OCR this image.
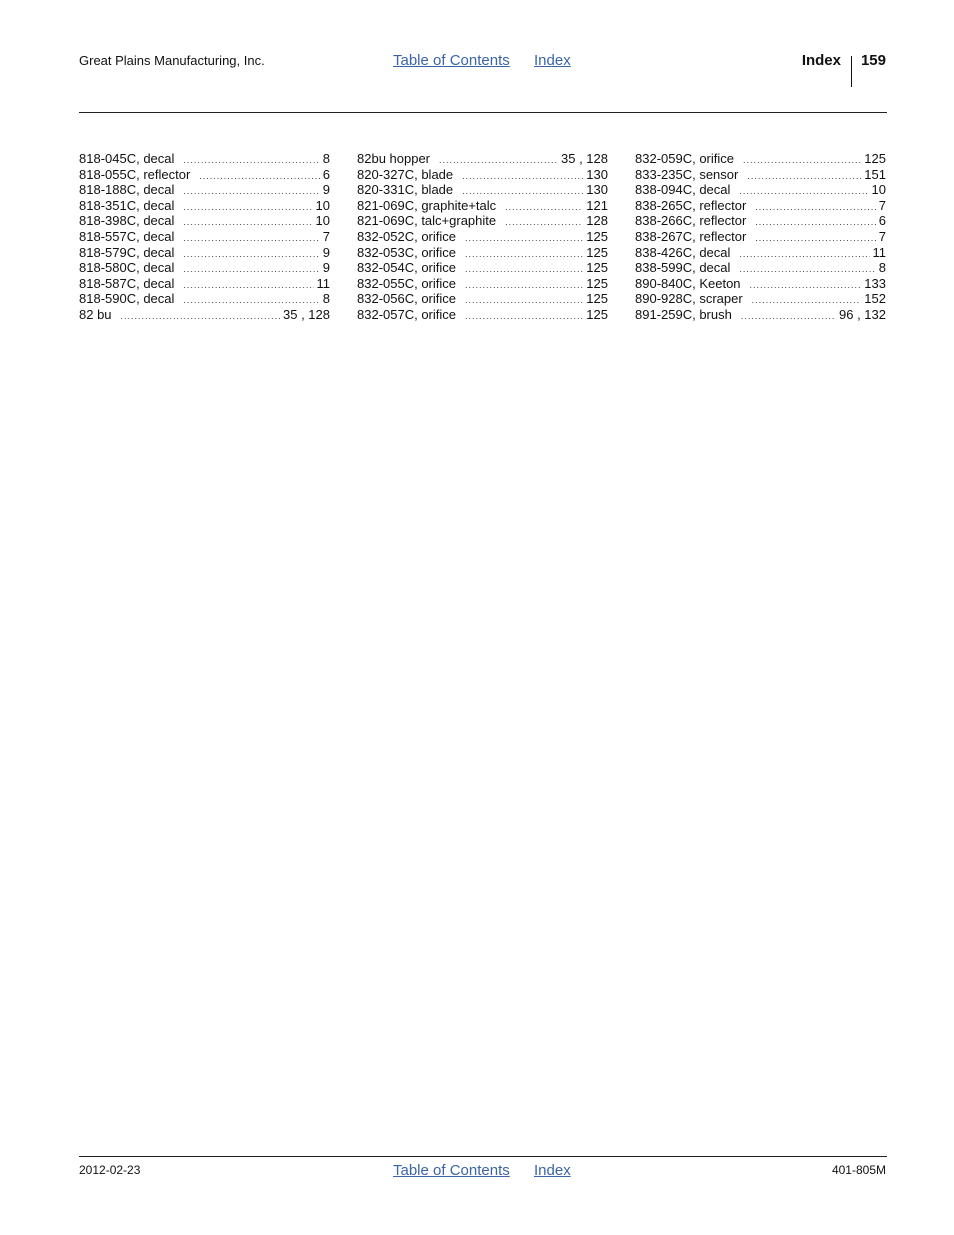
Great Plains Manufacturing, Inc.	Table of Contents Index	Index 159
818-045C, decal .....	8
818-055C, reflector .....	6
818-188C, decal .....	9
818-351C, decal .....	10
818-398C, decal .....	10
818-557C, decal .....	7
818-579C, decal .....	9
818-580C, decal .....	9
818-587C, decal .....	11
818-590C, decal .....	8
82 bu .....	35 , 128
82bu hopper .....	35 , 128
820-327C, blade .....	130
820-331C, blade .....	130
821-069C, graphite+talc .....	121
821-069C, talc+graphite .....	128
832-052C, orifice .....	125
832-053C, orifice .....	125
832-054C, orifice .....	125
832-055C, orifice .....	125
832-056C, orifice .....	125
832-057C, orifice .....	125
832-059C, orifice .....	125
833-235C, sensor .....	151
838-094C, decal .....	10
838-265C, reflector .....	7
838-266C, reflector .....	6
838-267C, reflector .....	7
838-426C, decal .....	11
838-599C, decal .....	8
890-840C, Keeton .....	133
890-928C, scraper .....	152
891-259C, brush .....	96 , 132
2012-02-23	Table of Contents Index	401-805M
